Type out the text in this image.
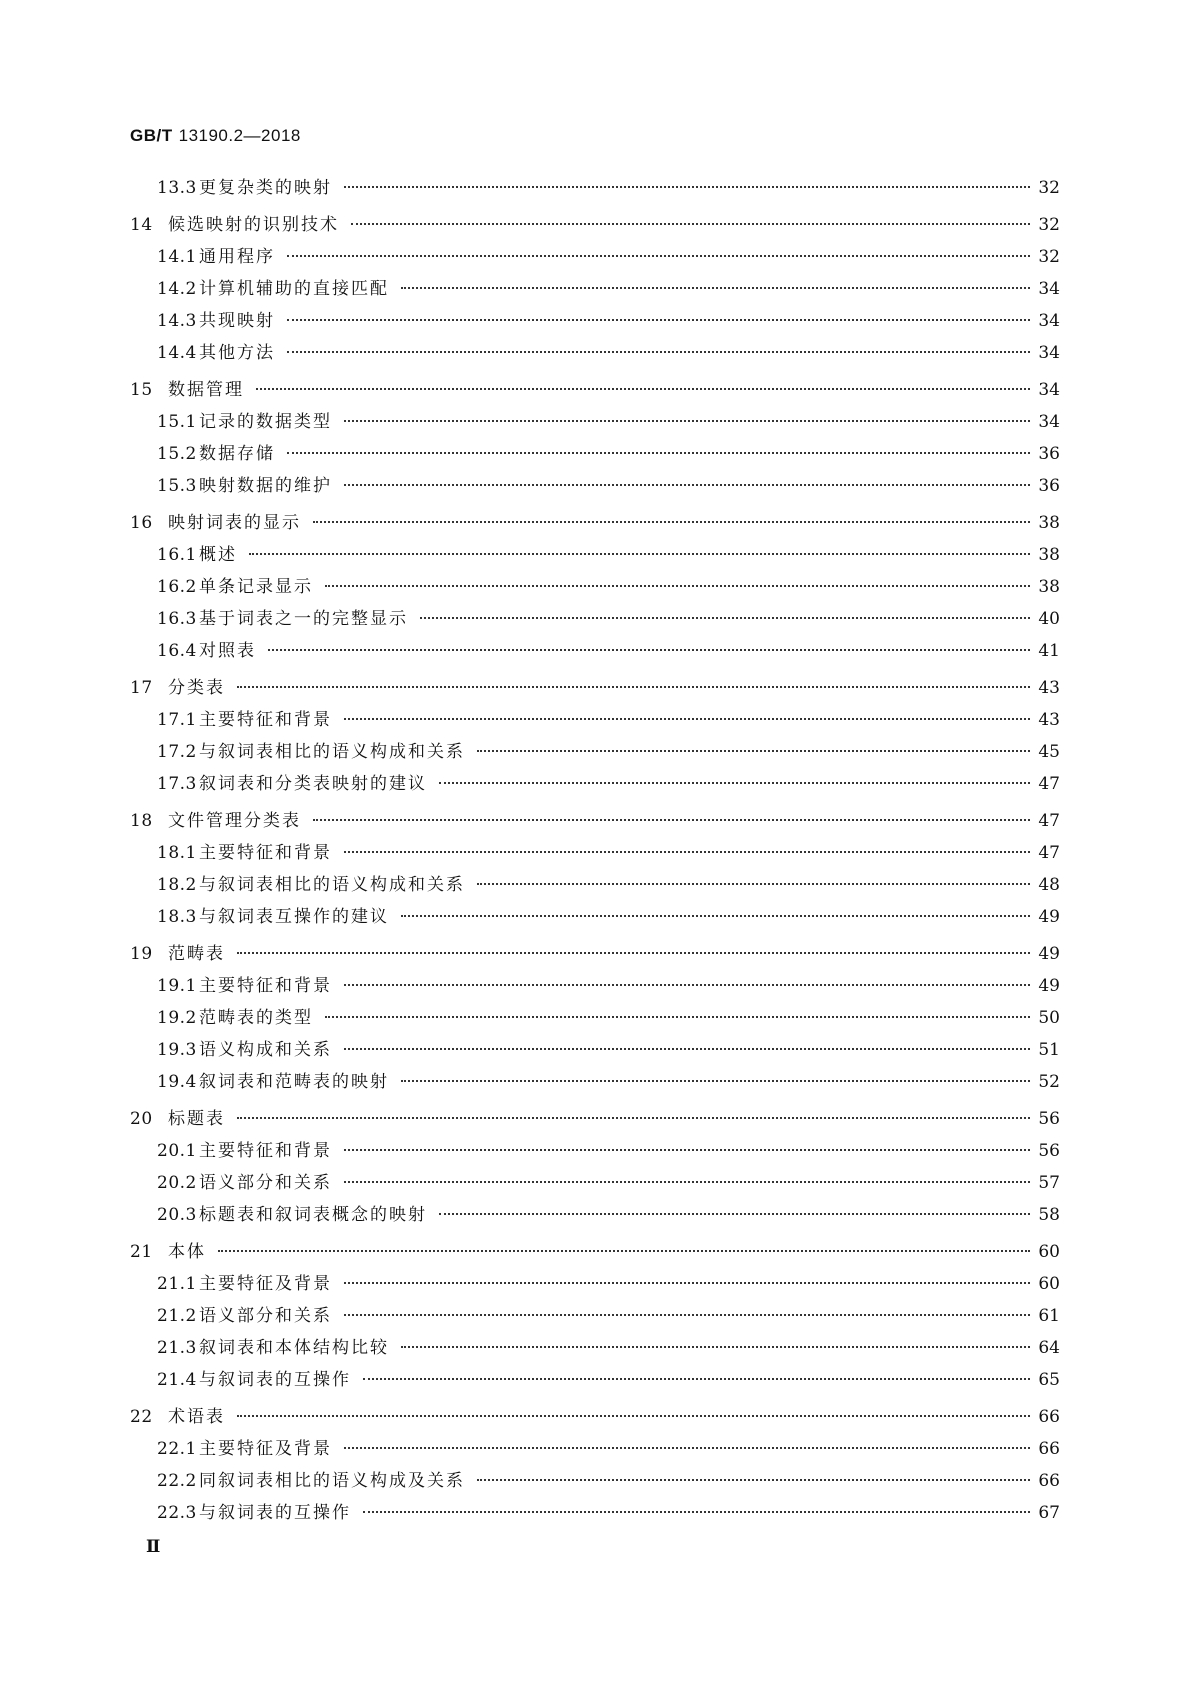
GB/T 13190.2—2018
13.3 更复杂类的映射	32
14 候选映射的识别技术	32
14.1 通用程序	32
14.2 计算机辅助的直接匹配	34
14.3 共现映射	34
14.4 其他方法	34
15 数据管理	34
15.1 记录的数据类型	34
15.2 数据存储	36
15.3 映射数据的维护	36
16 映射词表的显示	38
16.1 概述	38
16.2 单条记录显示	38
16.3 基于词表之一的完整显示	40
16.4 对照表	41
17 分类表	43
17.1 主要特征和背景	43
17.2 与叙词表相比的语义构成和关系	45
17.3 叙词表和分类表映射的建议	47
18 文件管理分类表	47
18.1 主要特征和背景	47
18.2 与叙词表相比的语义构成和关系	48
18.3 与叙词表互操作的建议	49
19 范畴表	49
19.1 主要特征和背景	49
19.2 范畴表的类型	50
19.3 语义构成和关系	51
19.4 叙词表和范畴表的映射	52
20 标题表	56
20.1 主要特征和背景	56
20.2 语义部分和关系	57
20.3 标题表和叙词表概念的映射	58
21 本体	60
21.1 主要特征及背景	60
21.2 语义部分和关系	61
21.3 叙词表和本体结构比较	64
21.4 与叙词表的互操作	65
22 术语表	66
22.1 主要特征及背景	66
22.2 同叙词表相比的语义构成及关系	66
22.3 与叙词表的互操作	67
Ⅱ
